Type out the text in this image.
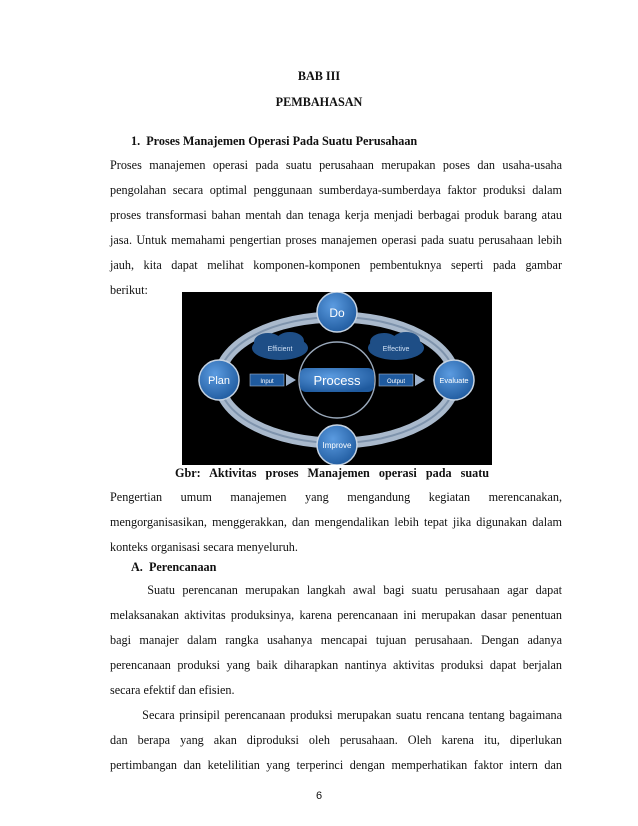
BAB III

PEMBAHASAN

1.  Proses Manajemen Operasi Pada Suatu Perusahaan

Proses manajemen operasi pada suatu perusahaan merupakan poses dan usaha-usaha

pengolahan secara optimal penggunaan sumberdaya-sumberdaya faktor produksi dalam

proses transformasi bahan mentah dan tenaga kerja menjadi berbagai produk barang atau

jasa. Untuk memahami pengertian proses manajemen operasi pada suatu perusahaan lebih

jauh, kita dapat melihat komponen-komponen pembentuknya seperti pada gambar

berikut:

Efficient	Effective
Process
Input	Output
Do
Plan	Evaluate
Improve

Gbr: Aktivitas proses Manajemen operasi pada suatu

Pengertian umum manajemen yang mengandung kegiatan merencanakan,

mengorganisasikan, menggerakkan, dan mengendalikan lebih tepat jika digunakan dalam

konteks organisasi secara menyeluruh.

A.  Perencanaan

Suatu perencanan merupakan langkah awal bagi suatu perusahaan agar dapat

melaksanakan aktivitas produksinya, karena perencanaan ini merupakan dasar penentuan

bagi manajer dalam rangka usahanya mencapai tujuan perusahaan. Dengan adanya

perencanaan produksi yang baik diharapkan nantinya aktivitas produksi dapat berjalan

secara efektif dan efisien.

Secara prinsipil perencanaan produksi merupakan suatu rencana tentang bagaimana

dan berapa yang akan diproduksi oleh perusahaan. Oleh karena itu, diperlukan

pertimbangan dan ketelilitian yang terperinci dengan memperhatikan faktor intern dan

6
